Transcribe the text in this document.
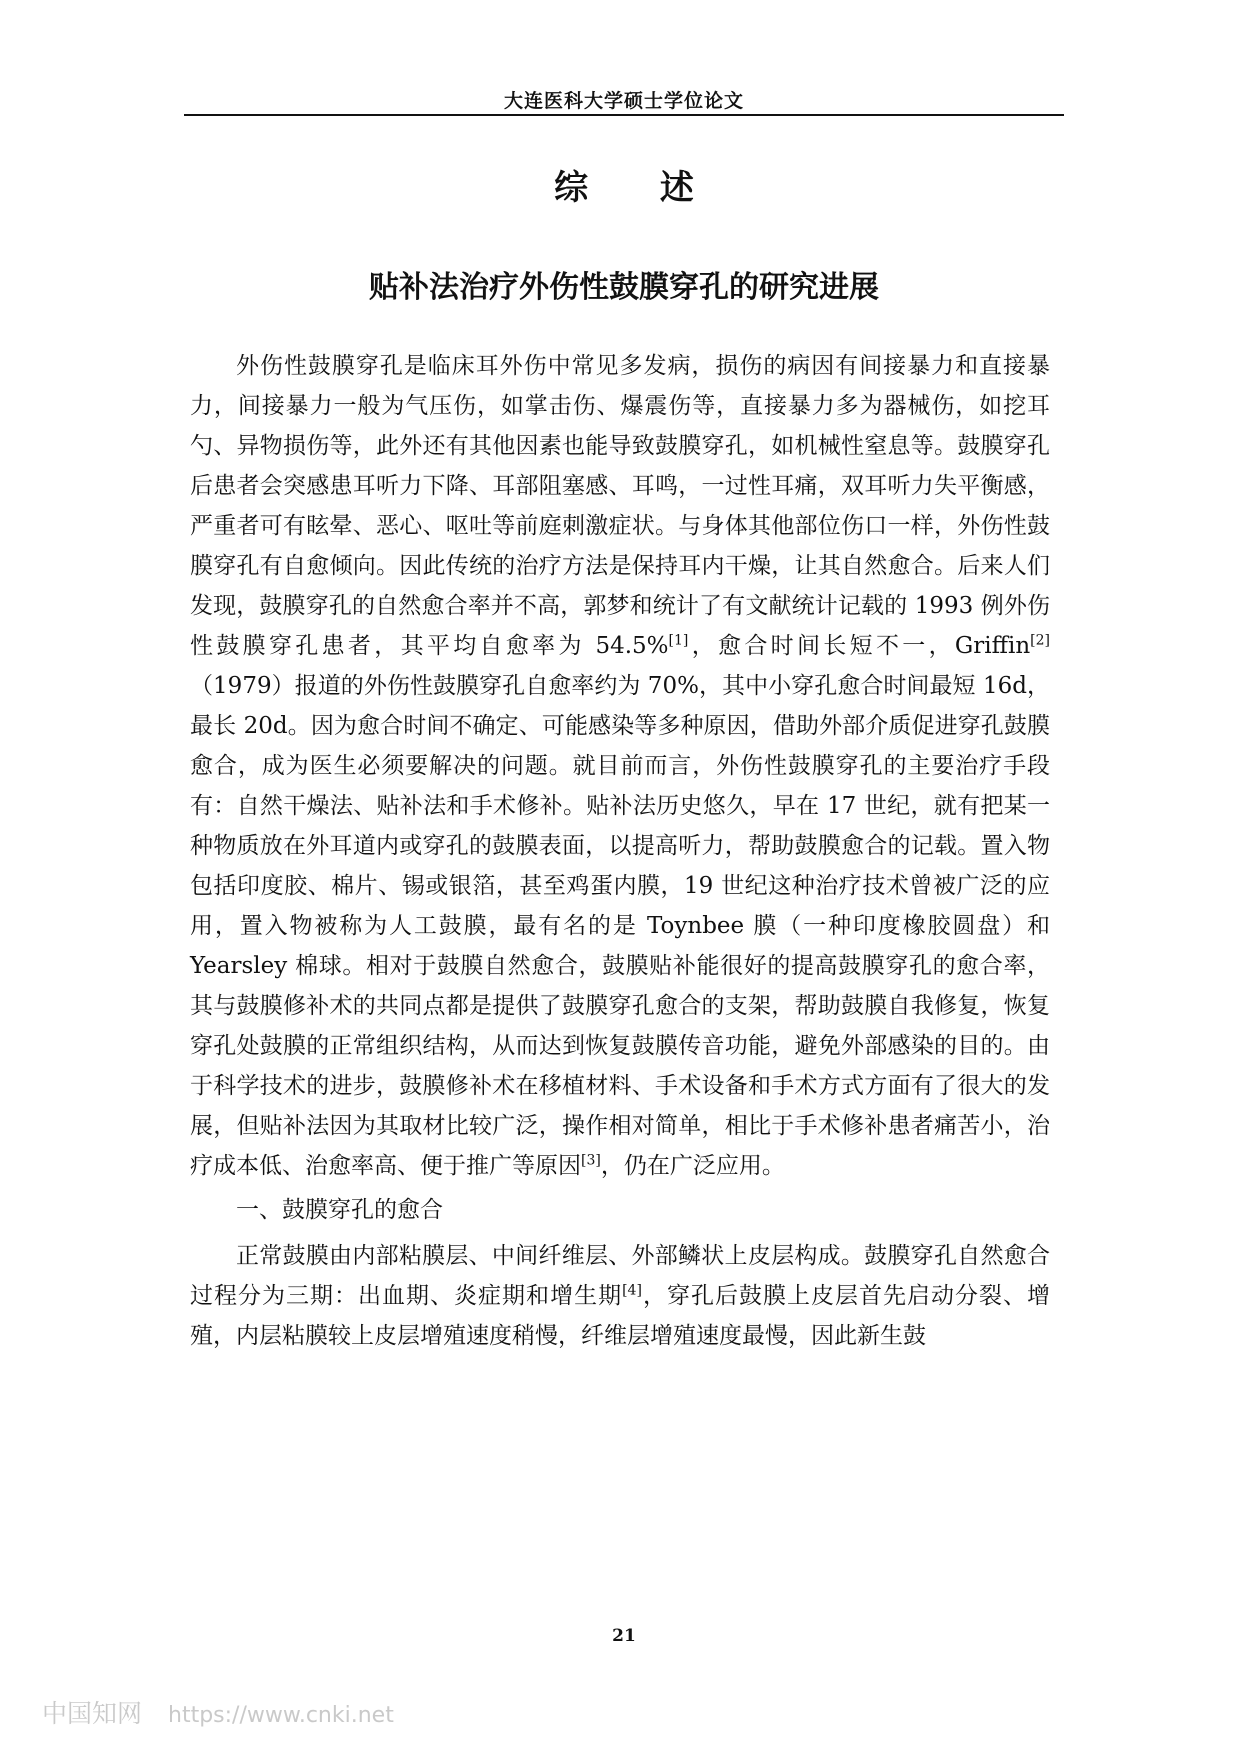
大连医科大学硕士学位论文
综 述
贴补法治疗外伤性鼓膜穿孔的研究进展

外伤性鼓膜穿孔是临床耳外伤中常见多发病，损伤的病因有间接暴力和直接暴力，间接暴力一般为气压伤，如掌击伤、爆震伤等，直接暴力多为器械伤，如挖耳勺、异物损伤等，此外还有其他因素也能导致鼓膜穿孔，如机械性窒息等。鼓膜穿孔后患者会突感患耳听力下降、耳部阻塞感、耳鸣，一过性耳痛，双耳听力失平衡感，严重者可有眩晕、恶心、呕吐等前庭刺激症状。与身体其他部位伤口一样，外伤性鼓膜穿孔有自愈倾向。因此传统的治疗方法是保持耳内干燥，让其自然愈合。后来人们发现，鼓膜穿孔的自然愈合率并不高，郭梦和统计了有文献统计记载的 1993 例外伤性鼓膜穿孔患者，其平均自愈率为 54.5%[1]，愈合时间长短不一，Griffin[2]（1979）报道的外伤性鼓膜穿孔自愈率约为 70%，其中小穿孔愈合时间最短 16d，最长 20d。因为愈合时间不确定、可能感染等多种原因，借助外部介质促进穿孔鼓膜愈合，成为医生必须要解决的问题。就目前而言，外伤性鼓膜穿孔的主要治疗手段有：自然干燥法、贴补法和手术修补。贴补法历史悠久，早在 17 世纪，就有把某一种物质放在外耳道内或穿孔的鼓膜表面，以提高听力，帮助鼓膜愈合的记载。置入物包括印度胶、棉片、锡或银箔，甚至鸡蛋内膜，19 世纪这种治疗技术曾被广泛的应用，置入物被称为人工鼓膜，最有名的是 Toynbee 膜（一种印度橡胶圆盘）和 Yearsley 棉球。相对于鼓膜自然愈合，鼓膜贴补能很好的提高鼓膜穿孔的愈合率，其与鼓膜修补术的共同点都是提供了鼓膜穿孔愈合的支架，帮助鼓膜自我修复，恢复穿孔处鼓膜的正常组织结构，从而达到恢复鼓膜传音功能，避免外部感染的目的。由于科学技术的进步，鼓膜修补术在移植材料、手术设备和手术方式方面有了很大的发展，但贴补法因为其取材比较广泛，操作相对简单，相比于手术修补患者痛苦小，治疗成本低、治愈率高、便于推广等原因[3]，仍在广泛应用。

一、鼓膜穿孔的愈合

正常鼓膜由内部粘膜层、中间纤维层、外部鳞状上皮层构成。鼓膜穿孔自然愈合过程分为三期：出血期、炎症期和增生期[4]，穿孔后鼓膜上皮层首先启动分裂、增殖，内层粘膜较上皮层增殖速度稍慢，纤维层增殖速度最慢，因此新生鼓

21
中国知网 https://www.cnki.net
